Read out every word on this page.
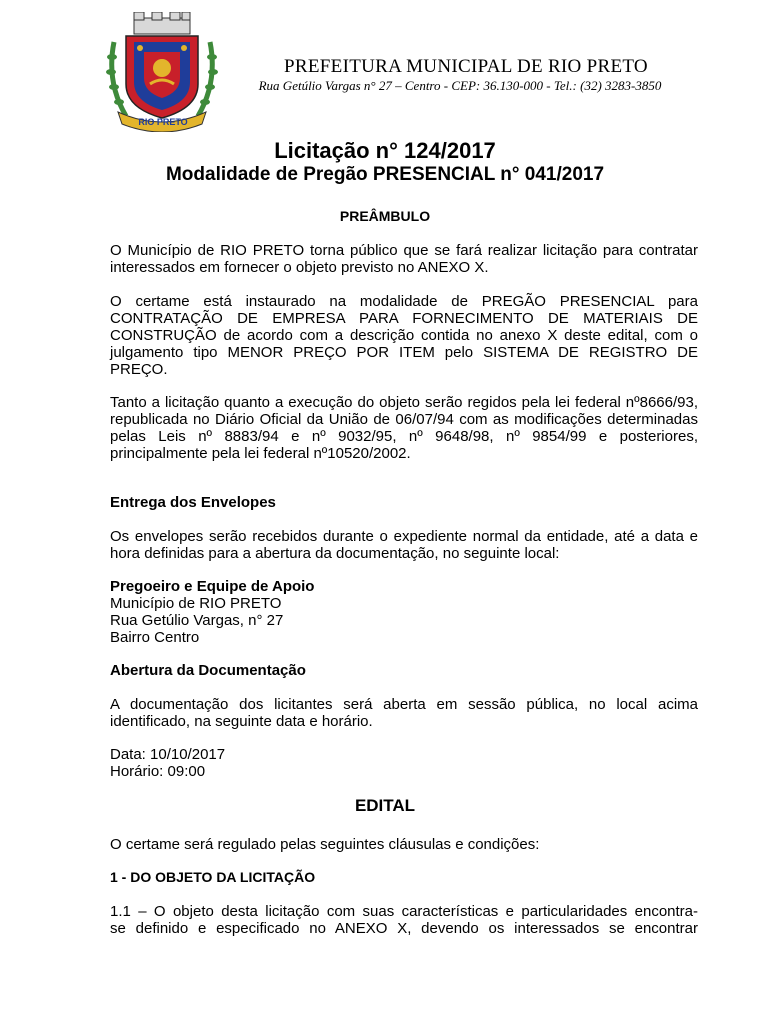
RIO PRETO
PREFEITURA MUNICIPAL DE RIO PRETO
Rua Getúlio Vargas n° 27 – Centro - CEP: 36.130-000 - Tel.: (32) 3283-3850
Licitação n° 124/2017
Modalidade de Pregão PRESENCIAL n° 041/2017
PREÂMBULO
O Município de RIO PRETO torna público que se fará realizar licitação para contratar interessados em fornecer o objeto previsto no ANEXO X.
O certame está instaurado na modalidade de PREGÃO PRESENCIAL para CONTRATAÇÃO DE EMPRESA PARA FORNECIMENTO DE MATERIAIS DE CONSTRUÇÃO de acordo com a descrição contida no anexo X deste edital, com o julgamento tipo MENOR PREÇO POR ITEM pelo SISTEMA DE REGISTRO DE PREÇO.
Tanto a licitação quanto a execução do objeto serão regidos pela lei federal nº8666/93, republicada no Diário Oficial da União de 06/07/94 com as modificações determinadas pelas Leis nº 8883/94 e nº 9032/95, nº 9648/98, nº 9854/99 e posteriores, principalmente pela lei federal nº10520/2002.
Entrega dos Envelopes
Os envelopes serão recebidos durante o expediente normal da entidade, até a data e hora definidas para a abertura da documentação, no seguinte local:
Pregoeiro e Equipe de Apoio
Município de RIO PRETO
Rua Getúlio Vargas, n° 27
Bairro Centro
Abertura da Documentação
A documentação dos licitantes será aberta em sessão pública, no local acima identificado, na seguinte data e horário.
Data: 10/10/2017
Horário: 09:00
EDITAL
O certame será regulado pelas seguintes cláusulas e condições:
1 - DO OBJETO DA LICITAÇÃO
1.1 – O objeto desta licitação com suas características e particularidades encontra-
se definido e especificado no ANEXO X, devendo os interessados se encontrar
